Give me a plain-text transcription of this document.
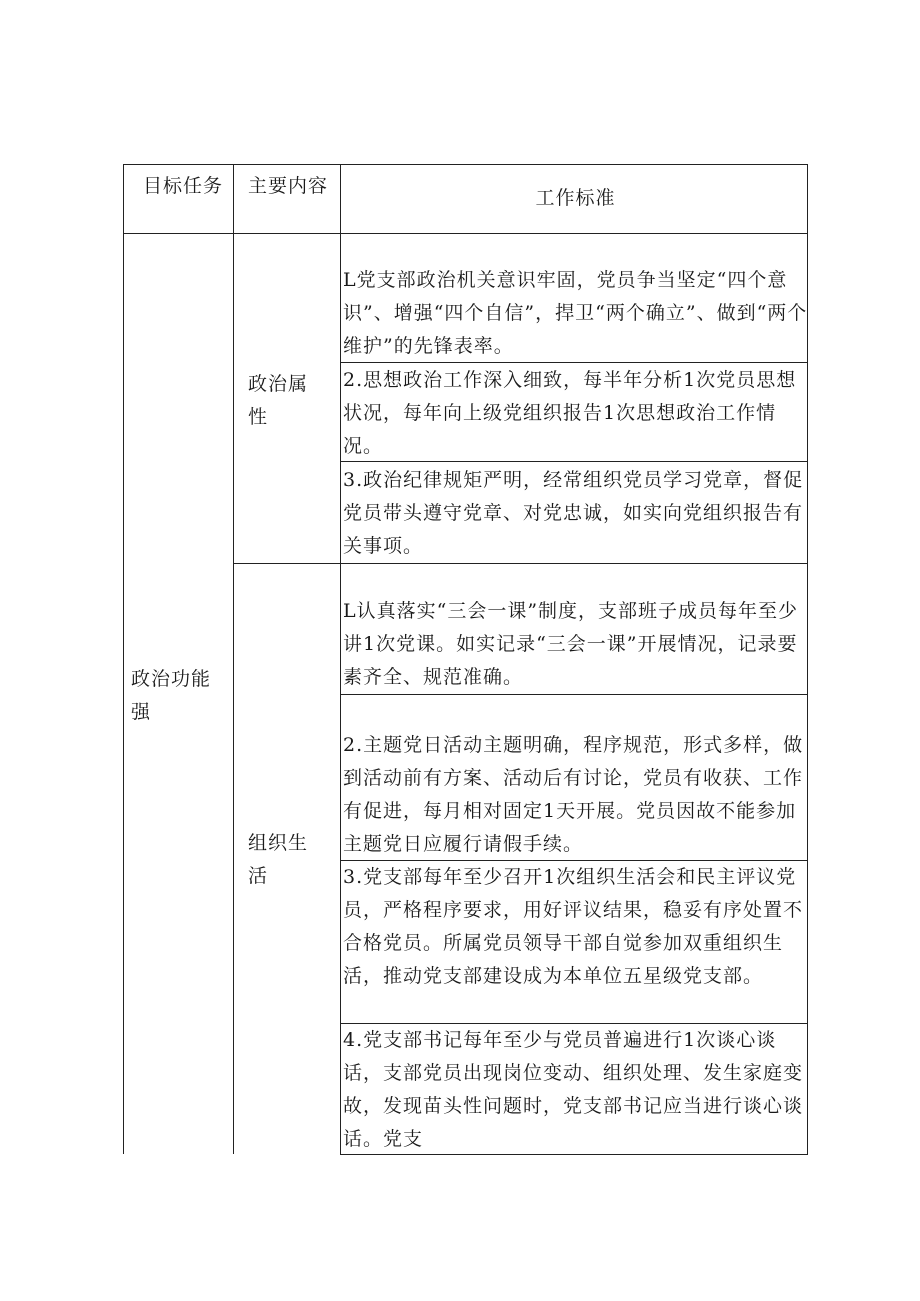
目标任务 主要内容
工作标准
政治功能强
政治属性
L党支部政治机关意识牢固，党员争当坚定“四个意识”、增强“四个自信”，捍卫“两个确立”、做到“两个维护”的先锋表率。
2.思想政治工作深入细致，每半年分析1次党员思想状况，每年向上级党组织报告1次思想政治工作情况。
3.政治纪律规矩严明，经常组织党员学习党章，督促党员带头遵守党章、对党忠诚，如实向党组织报告有关事项。
组织生活
L认真落实“三会一课”制度，支部班子成员每年至少讲1次党课。如实记录“三会一课”开展情况，记录要素齐全、规范准确。
2.主题党日活动主题明确，程序规范，形式多样，做到活动前有方案、活动后有讨论，党员有收获、工作有促进，每月相对固定1天开展。党员因故不能参加主题党日应履行请假手续。
3.党支部每年至少召开1次组织生活会和民主评议党员，严格程序要求，用好评议结果，稳妥有序处置不合格党员。所属党员领导干部自觉参加双重组织生活，推动党支部建设成为本单位五星级党支部。
4.党支部书记每年至少与党员普遍进行1次谈心谈话，支部党员出现岗位变动、组织处理、发生家庭变故，发现苗头性问题时，党支部书记应当进行谈心谈话。党支
